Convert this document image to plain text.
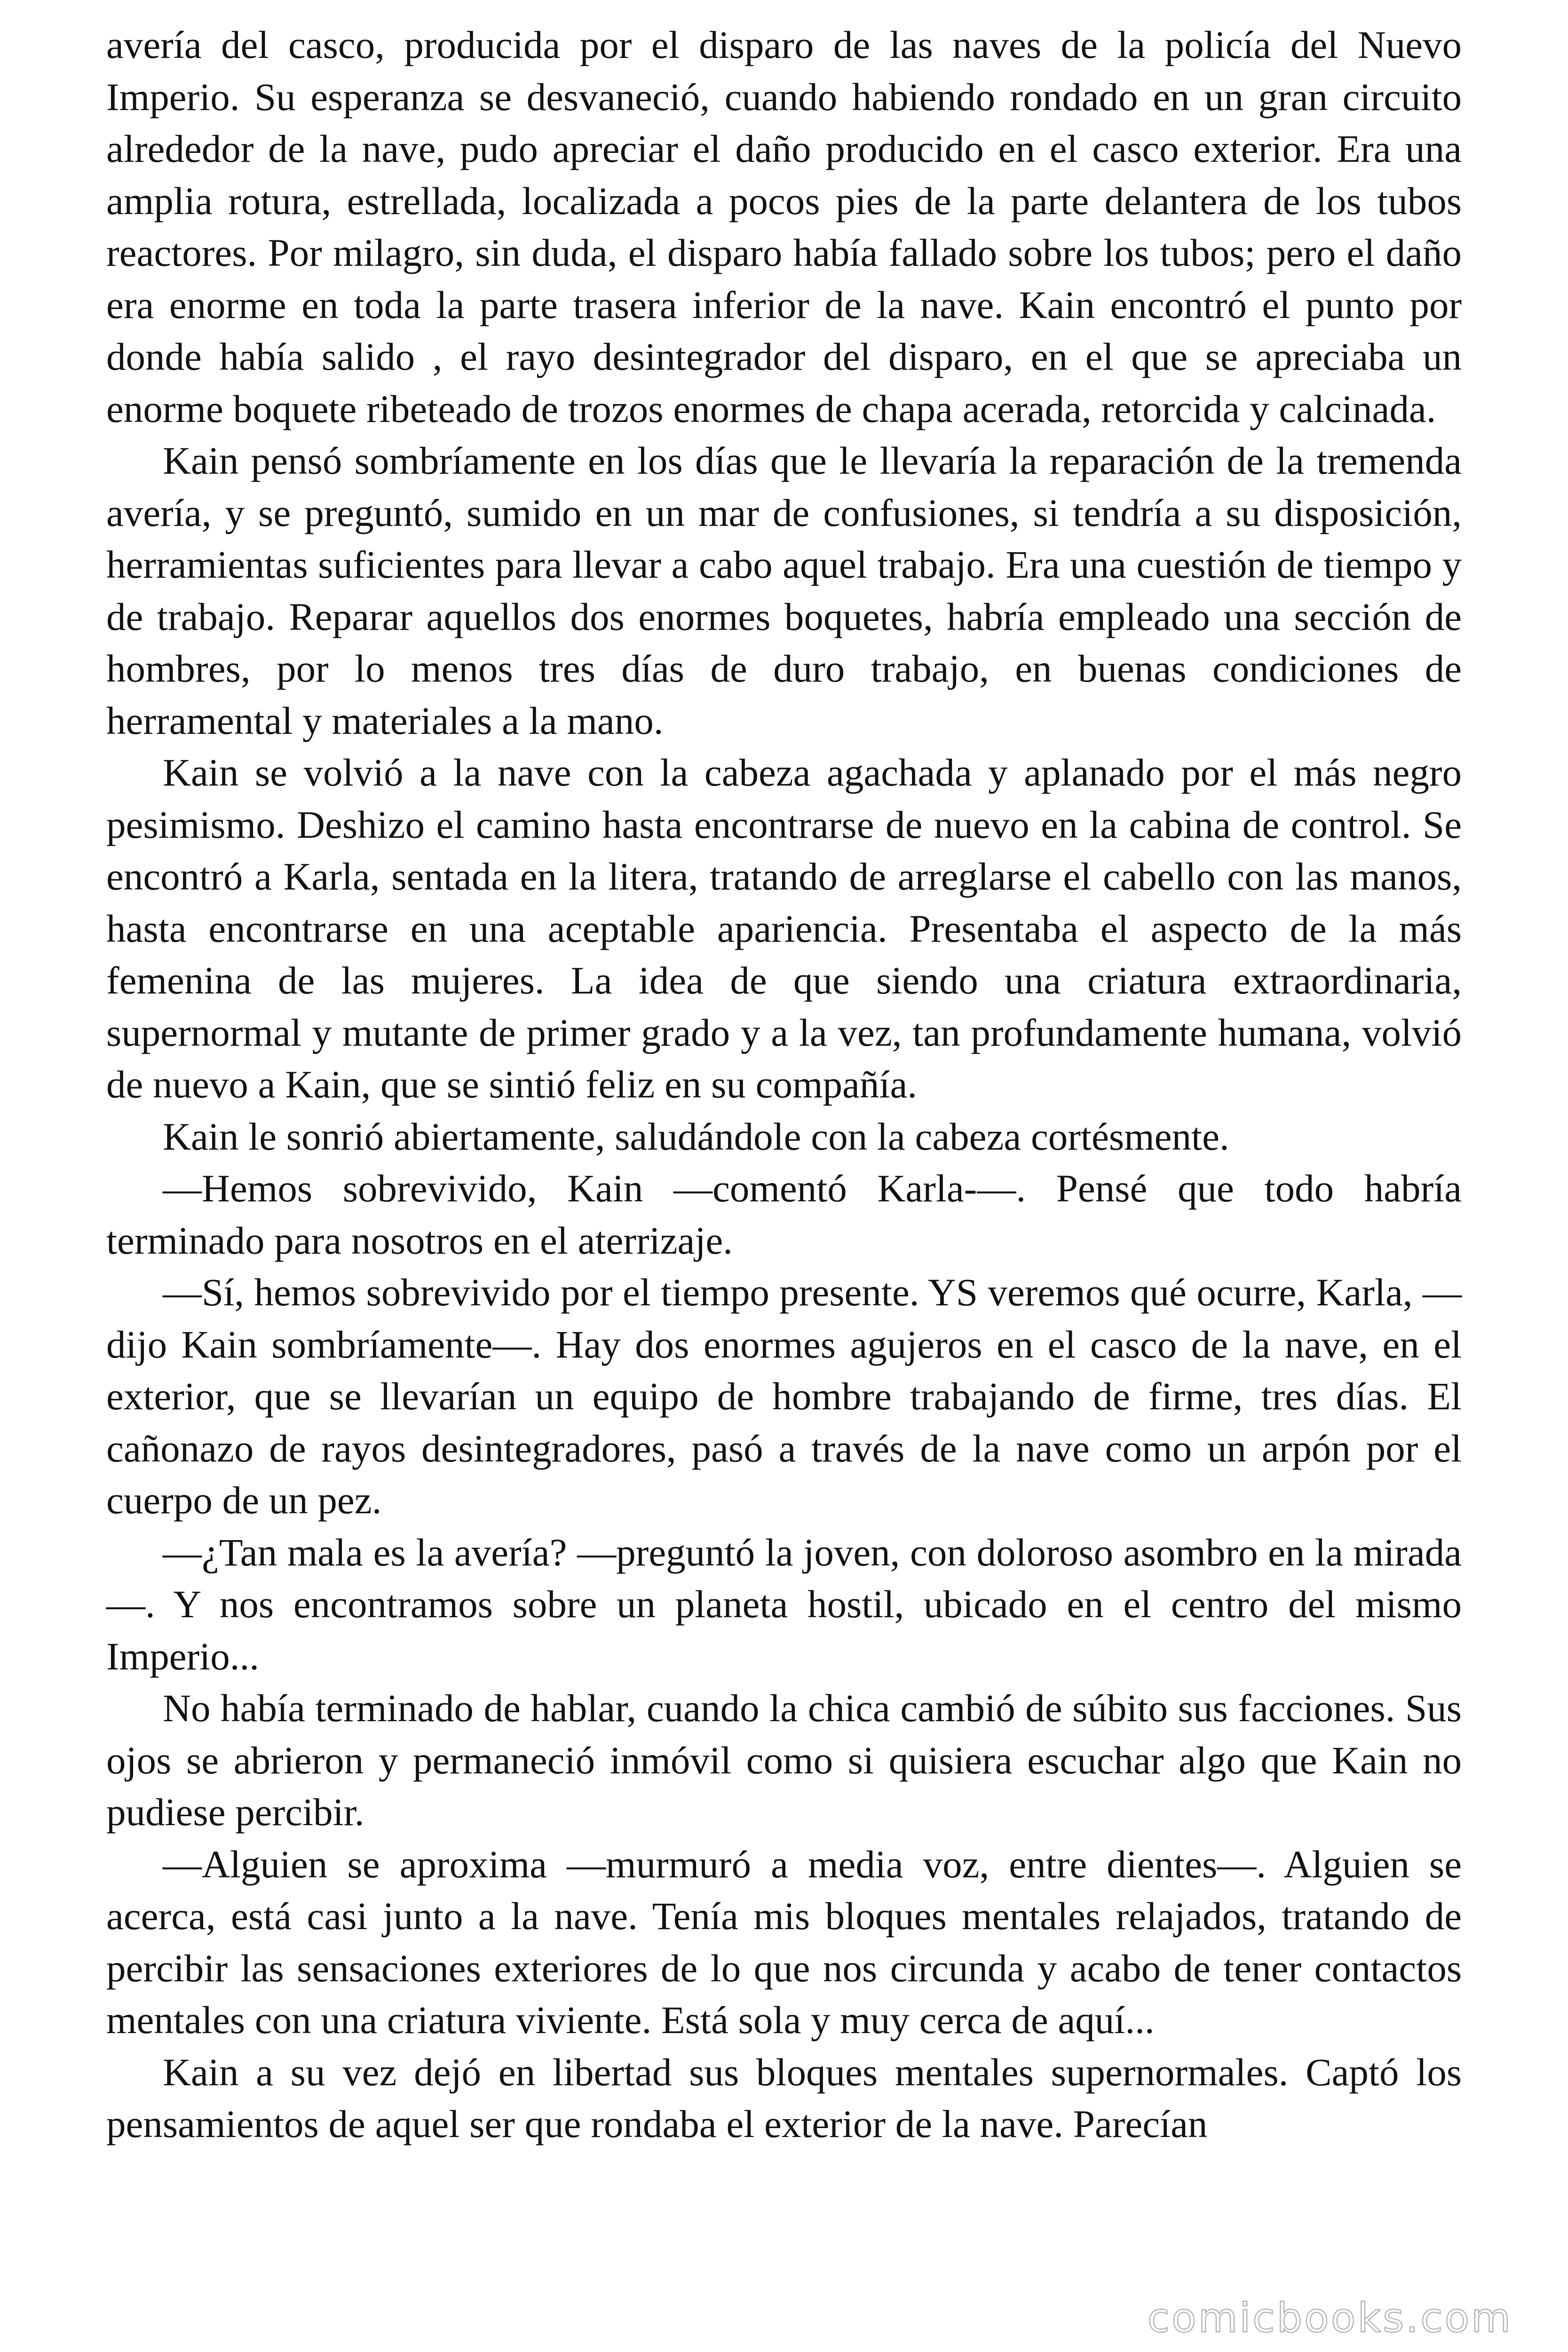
avería del casco, producida por el disparo de las naves de la policía del Nuevo Imperio. Su esperanza se desvaneció, cuando habiendo rondado en un gran circuito alrededor de la nave, pudo apreciar el daño producido en el casco exterior. Era una amplia rotura, estrellada, localizada a pocos pies de la parte delantera de los tubos reactores. Por milagro, sin duda, el disparo había fallado sobre los tubos; pero el daño era enorme en toda la parte trasera inferior de la nave. Kain encontró el punto por donde había salido , el rayo desintegrador del disparo, en el que se apreciaba un enorme boquete ribeteado de trozos enormes de chapa acerada, retorcida y calcinada.

Kain pensó sombríamente en los días que le llevaría la reparación de la tremenda avería, y se preguntó, sumido en un mar de confusiones, si tendría a su disposición, herramientas suficientes para llevar a cabo aquel trabajo. Era una cuestión de tiempo y de trabajo. Reparar aquellos dos enormes boquetes, habría empleado una sección de hombres, por lo menos tres días de duro trabajo, en buenas condiciones de herramental y materiales a la mano.

Kain se volvió a la nave con la cabeza agachada y aplanado por el más negro pesimismo. Deshizo el camino hasta encontrarse de nuevo en la cabina de control. Se encontró a Karla, sentada en la litera, tratando de arreglarse el cabello con las manos, hasta encontrarse en una aceptable apariencia. Presentaba el aspecto de la más femenina de las mujeres. La idea de que siendo una criatura extraordinaria, supernormal y mutante de primer grado y a la vez, tan profundamente humana, volvió de nuevo a Kain, que se sintió feliz en su compañía.

Kain le sonrió abiertamente, saludándole con la cabeza cortésmente.

—Hemos sobrevivido, Kain —comentó Karla-—. Pensé que todo habría terminado para nosotros en el aterrizaje.

—Sí, hemos sobrevivido por el tiempo presente. YS veremos qué ocurre, Karla, —dijo Kain sombríamente—. Hay dos enormes agujeros en el casco de la nave, en el exterior, que se llevarían un equipo de hombre trabajando de firme, tres días. El cañonazo de rayos desintegradores, pasó a través de la nave como un arpón por el cuerpo de un pez.

—¿Tan mala es la avería? —preguntó la joven, con doloroso asombro en la mirada—. Y nos encontramos sobre un planeta hostil, ubicado en el centro del mismo Imperio...

No había terminado de hablar, cuando la chica cambió de súbito sus facciones. Sus ojos se abrieron y permaneció inmóvil como si quisiera escuchar algo que Kain no pudiese percibir.

—Alguien se aproxima —murmuró a media voz, entre dientes—. Alguien se acerca, está casi junto a la nave. Tenía mis bloques mentales relajados, tratando de percibir las sensaciones exteriores de lo que nos circunda y acabo de tener contactos mentales con una criatura viviente. Está sola y muy cerca de aquí...

Kain a su vez dejó en libertad sus bloques mentales supernormales. Captó los pensamientos de aquel ser que rondaba el exterior de la nave. Parecían

comicbooks.com
